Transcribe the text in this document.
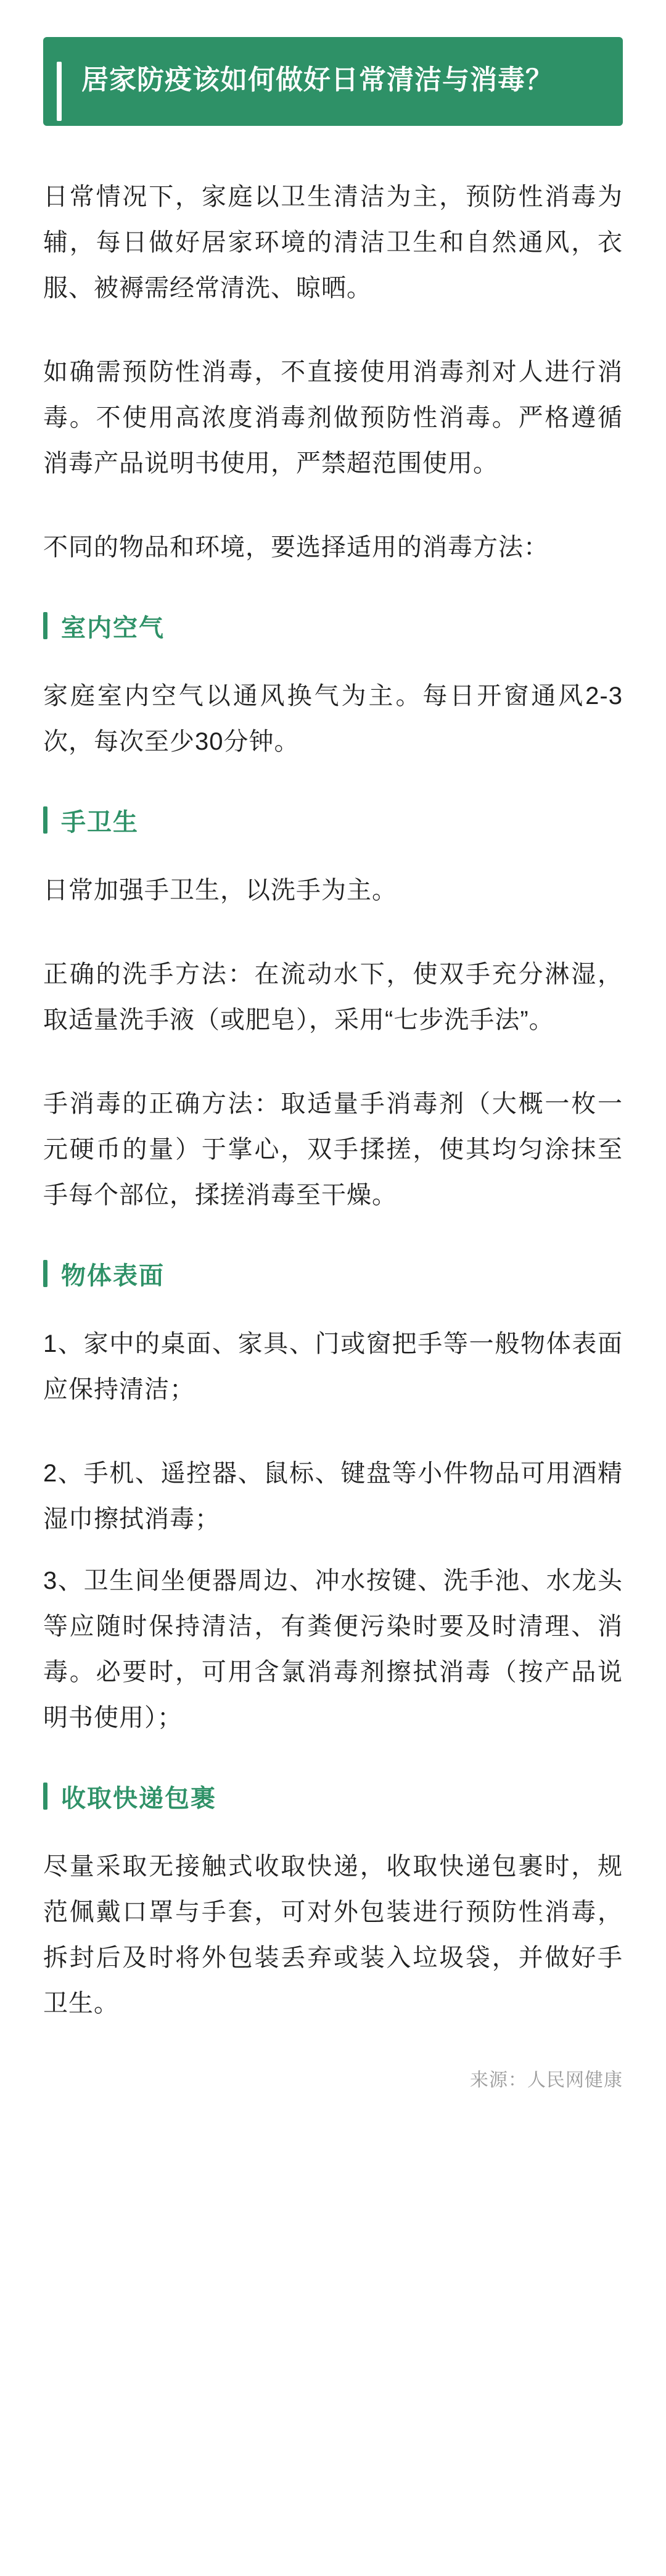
居家防疫该如何做好日常清洁与消毒？

日常情况下，家庭以卫生清洁为主，预防性消毒为辅，每日做好居家环境的清洁卫生和自然通风，衣服、被褥需经常清洗、晾晒。

如确需预防性消毒，不直接使用消毒剂对人进行消毒。不使用高浓度消毒剂做预防性消毒。严格遵循消毒产品说明书使用，严禁超范围使用。

不同的物品和环境，要选择适用的消毒方法：

室内空气

家庭室内空气以通风换气为主。每日开窗通风2-3次，每次至少30分钟。

手卫生

日常加强手卫生，以洗手为主。

正确的洗手方法：在流动水下，使双手充分淋湿，取适量洗手液（或肥皂），采用“七步洗手法”。

手消毒的正确方法：取适量手消毒剂（大概一枚一元硬币的量）于掌心，双手揉搓，使其均匀涂抹至手每个部位，揉搓消毒至干燥。

物体表面

1、家中的桌面、家具、门或窗把手等一般物体表面应保持清洁；

2、手机、遥控器、鼠标、键盘等小件物品可用酒精湿巾擦拭消毒；

3、卫生间坐便器周边、冲水按键、洗手池、水龙头等应随时保持清洁，有粪便污染时要及时清理、消毒。必要时，可用含氯消毒剂擦拭消毒（按产品说明书使用）；

收取快递包裹

尽量采取无接触式收取快递，收取快递包裹时，规范佩戴口罩与手套，可对外包装进行预防性消毒，拆封后及时将外包装丢弃或装入垃圾袋，并做好手卫生。

来源：人民网健康
